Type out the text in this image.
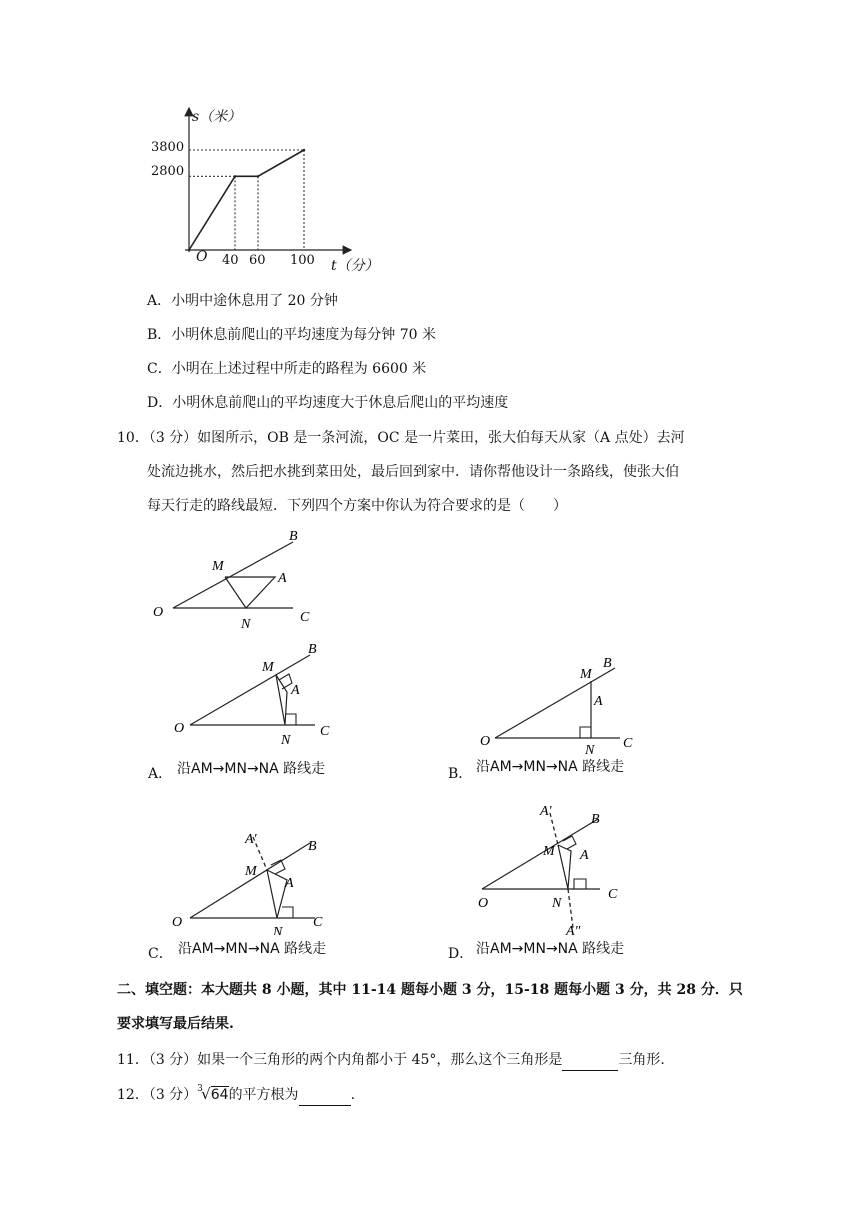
s（米）
t（分）
O
3800
2800
40 60 100
A．小明中途休息用了 20 分钟
B．小明休息前爬山的平均速度为每分钟 70 米
C．小明在上述过程中所走的路程为 6600 米
D．小明休息前爬山的平均速度大于休息后爬山的平均速度
10．（3 分）如图所示，OB 是一条河流，OC 是一片菜田，张大伯每天从家（A 点处）去河
处流边挑水，然后把水挑到菜田处，最后回到家中．请你帮他设计一条路线，使张大伯
每天行走的路线最短．下列四个方案中你认为符合要求的是（　　）
O
B
C
M
A
N
O
B
C
M
A
N
A． 沿AM→MN→NA 路线走
O
B
C
M
A
N
B． 沿AM→MN→NA 路线走
A′	B
M
A
O
N
C
C． 沿AM→MN→NA 路线走
A′
B
M A
O	N
C
A″
D． 沿AM→MN→NA 路线走
二、填空题：本大题共 8 小题，其中 11-14 题每小题 3 分，15-18 题每小题 3 分，共 28 分．只
要求填写最后结果.
11．（3 分）如果一个三角形的两个内角都小于 45°，那么这个三角形是	三角形.
12．（3 分） 3
√64的平方根为	.
